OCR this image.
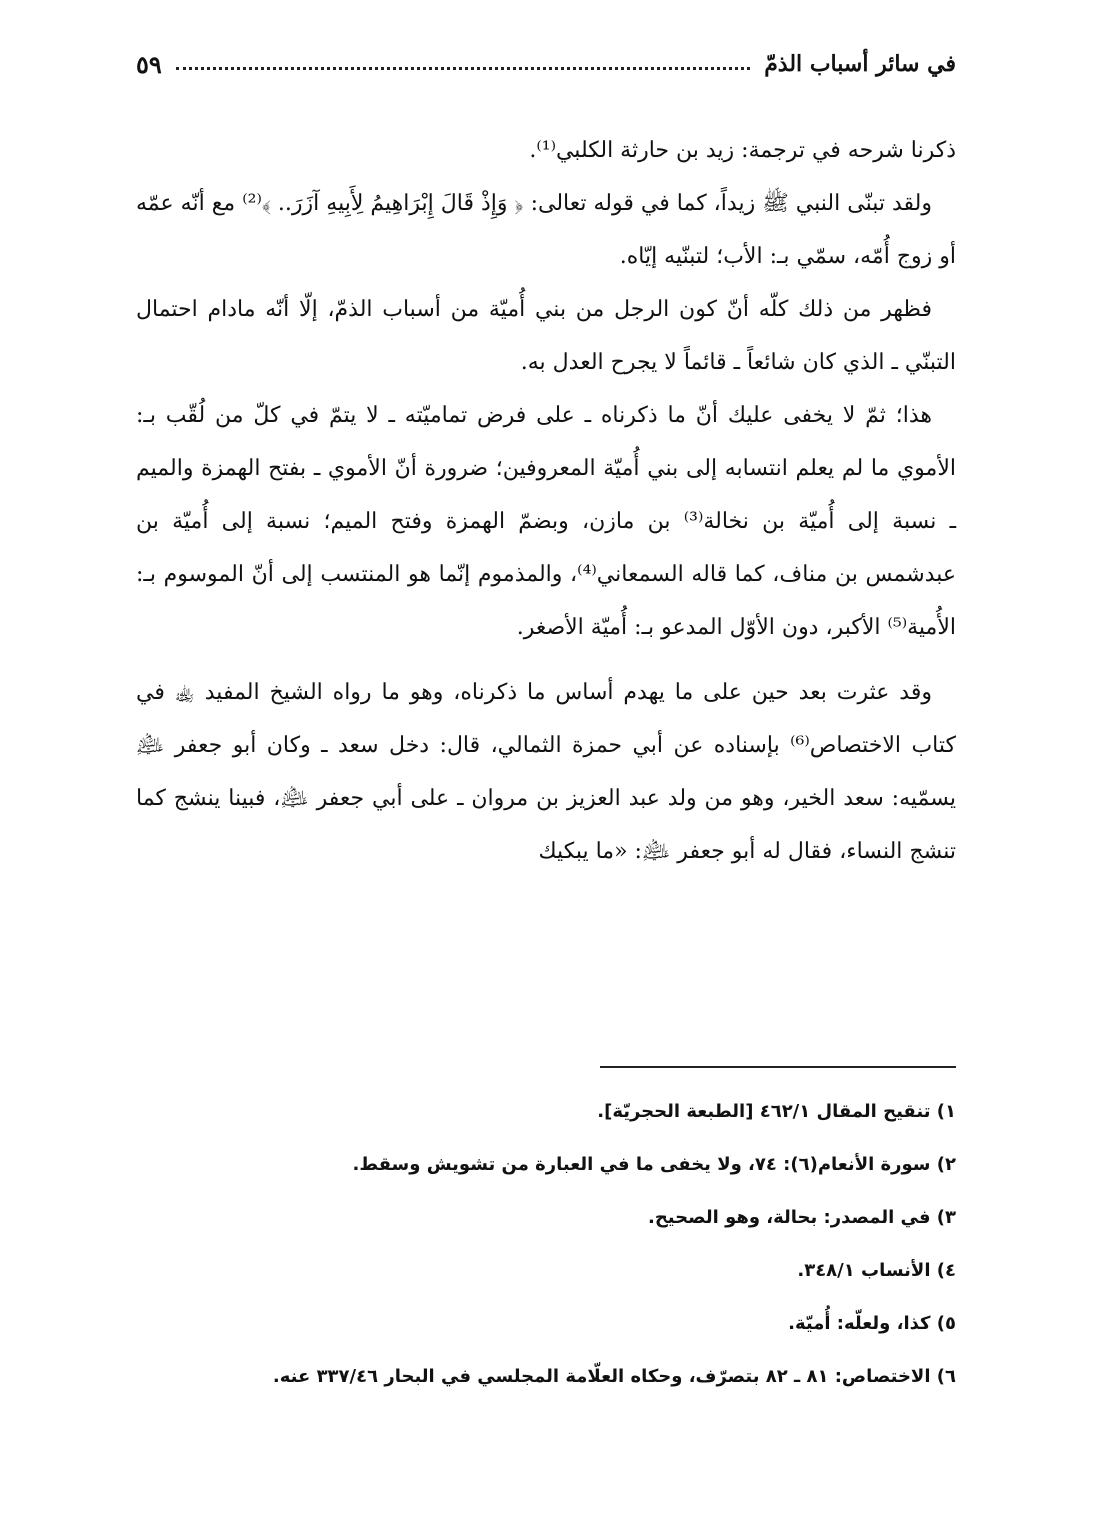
في سائر أسباب الذمّ
٥٩

ذكرنا شرحه في ترجمة: زيد بن حارثة الكلبي⁽¹⁾.

ولقد تبنّى النبي ﷺ زيداً، كما في قوله تعالى: ﴿ وَإِذْ قَالَ إِبْرَاهِيمُ لِأَبِيهِ آزَرَ.. ﴾⁽²⁾ مع أنّه عمّه أو زوج أُمّه، سمّي بـ: الأب؛ لتبنّيه إيّاه.

فظهر من ذلك كلّه أنّ كون الرجل من بني أُميّة من أسباب الذمّ، إلّا أنّه مادام احتمال التبنّي ـ الذي كان شائعاً ـ قائماً لا يجرح العدل به.

هذا؛ ثمّ لا يخفى عليك أنّ ما ذكرناه ـ على فرض تماميّته ـ لا يتمّ في كلّ من لُقّب بـ: الأموي ما لم يعلم انتسابه إلى بني أُميّة المعروفين؛ ضرورة أنّ الأموي ـ بفتح الهمزة والميم ـ نسبة إلى أُميّة بن نخالة⁽³⁾ بن مازن، وبضمّ الهمزة وفتح الميم؛ نسبة إلى أُميّة بن عبدشمس بن مناف، كما قاله السمعاني⁽⁴⁾، والمذموم إنّما هو المنتسب إلى أنّ الموسوم بـ: الأُمية⁽⁵⁾ الأكبر، دون الأوّل المدعو بـ: أُميّة الأصغر.

وقد عثرت بعد حين على ما يهدم أساس ما ذكرناه، وهو ما رواه الشيخ المفيد ﵀ في كتاب الاختصاص⁽⁶⁾ بإسناده عن أبي حمزة الثمالي، قال: دخل سعد ـ وكان أبو جعفر ﵇ يسمّيه: سعد الخير، وهو من ولد عبد العزيز بن مروان ـ على أبي جعفر ﵇، فبينا ينشج كما تنشج النساء، فقال له أبو جعفر ﵇: «ما يبكيك

١) تنقيح المقال ٤٦٢/١ [الطبعة الحجريّة].
٢) سورة الأنعام(٦): ٧٤، ولا يخفى ما في العبارة من تشويش وسقط.
٣) في المصدر: بحالة، وهو الصحيح.
٤) الأنساب ٣٤٨/١.
٥) كذا، ولعلّه: أُميّة.
٦) الاختصاص: ٨١ ـ ٨٢ بتصرّف، وحكاه العلّامة المجلسي في البحار ٣٣٧/٤٦ عنه.
